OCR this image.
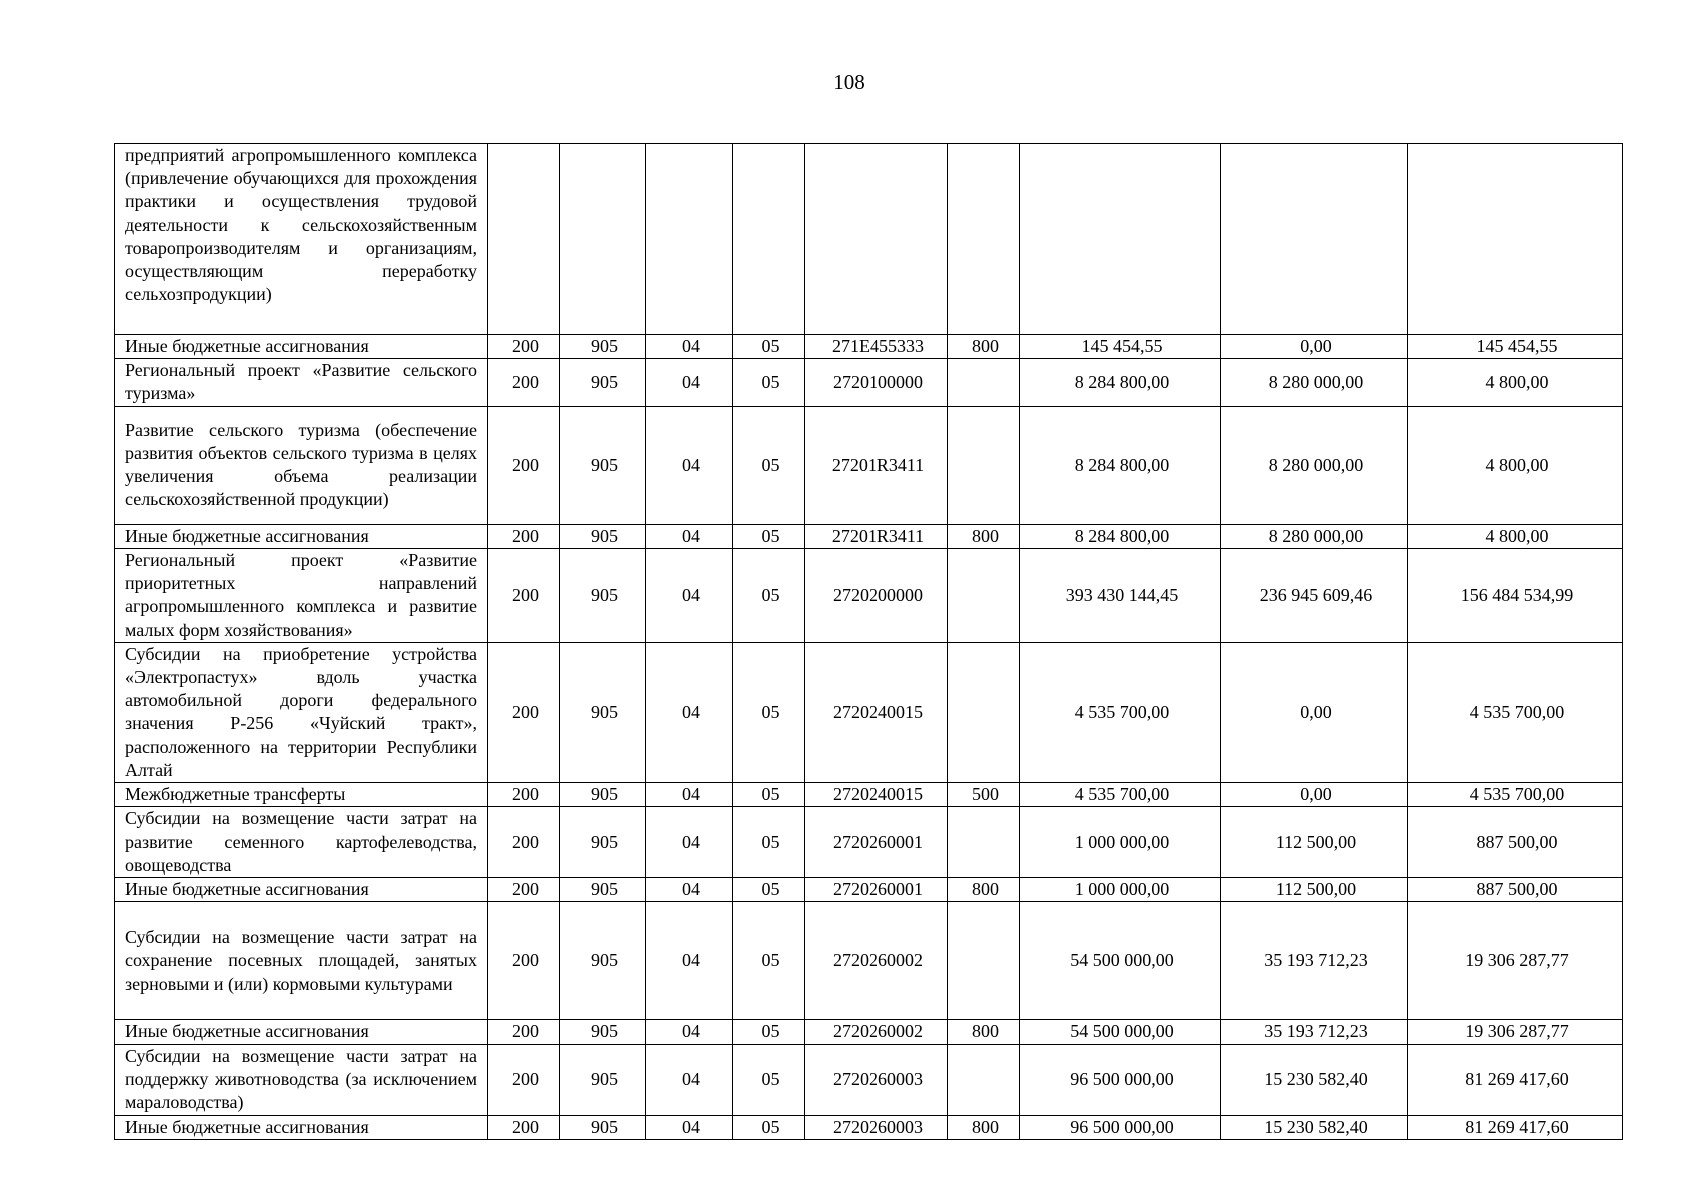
108
предприятий агропромышленного комплекса (привлечение обучающихся для прохождения практики и осуществления трудовой деятельности к сельскохозяйственным товаропроизводителям и организациям, осуществляющим переработку сельхозпродукции)									

Иные бюджетные ассигнования	200	905	04	05	271E455333	800	145 454,55	0,00	145 454,55

Региональный проект «Развитие сельского туризма»	200	905	04	05	2720100000		8 284 800,00	8 280 000,00	4 800,00

Развитие сельского туризма (обеспечение развития объектов сельского туризма в целях увеличения объема реализации сельскохозяйственной продукции)	200	905	04	05	27201R3411		8 284 800,00	8 280 000,00	4 800,00

Иные бюджетные ассигнования	200	905	04	05	27201R3411	800	8 284 800,00	8 280 000,00	4 800,00

Региональный проект «Развитие приоритетных направлений агропромышленного комплекса и развитие малых форм хозяйствования»	200	905	04	05	2720200000		393 430 144,45	236 945 609,46	156 484 534,99

Субсидии на приобретение устройства «Электропастух» вдоль участка автомобильной дороги федерального значения Р-256 «Чуйский тракт», расположенного на территории Республики Алтай	200	905	04	05	2720240015		4 535 700,00	0,00	4 535 700,00

Межбюджетные трансферты	200	905	04	05	2720240015	500	4 535 700,00	0,00	4 535 700,00

Субсидии на возмещение части затрат на развитие семенного картофелеводства, овощеводства	200	905	04	05	2720260001		1 000 000,00	112 500,00	887 500,00

Иные бюджетные ассигнования	200	905	04	05	2720260001	800	1 000 000,00	112 500,00	887 500,00

Субсидии на возмещение части затрат на сохранение посевных площадей, занятых зерновыми и (или) кормовыми культурами	200	905	04	05	2720260002		54 500 000,00	35 193 712,23	19 306 287,77

Иные бюджетные ассигнования	200	905	04	05	2720260002	800	54 500 000,00	35 193 712,23	19 306 287,77

Субсидии на возмещение части затрат на поддержку животноводства (за исключением мараловодства)	200	905	04	05	2720260003		96 500 000,00	15 230 582,40	81 269 417,60

Иные бюджетные ассигнования	200	905	04	05	2720260003	800	96 500 000,00	15 230 582,40	81 269 417,60
